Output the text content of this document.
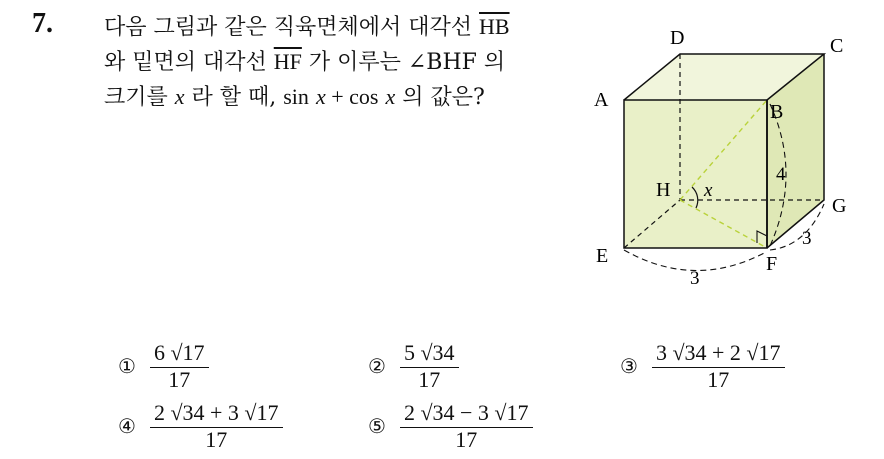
7. 다음 그림과 같은 직육면체에서 대각선 $\overline{HB}$
와 밑면의 대각선 $\overline{HF}$ 가 이루는 ∠BHF 의
크기를 x 라 할 때, sin x + cos x 의 값은?
D	C
A
B
H
G
E	F
x
4
3
3
① $\frac{6 √17}{17}$	② $\frac{5 √34}{17}$	③ $\frac{3 √34 + 2 √17}{17}$
④ $\frac{2 √34 + 3 √17}{17}$	⑤ $\frac{2 √34 - 3 √17}{17}$
